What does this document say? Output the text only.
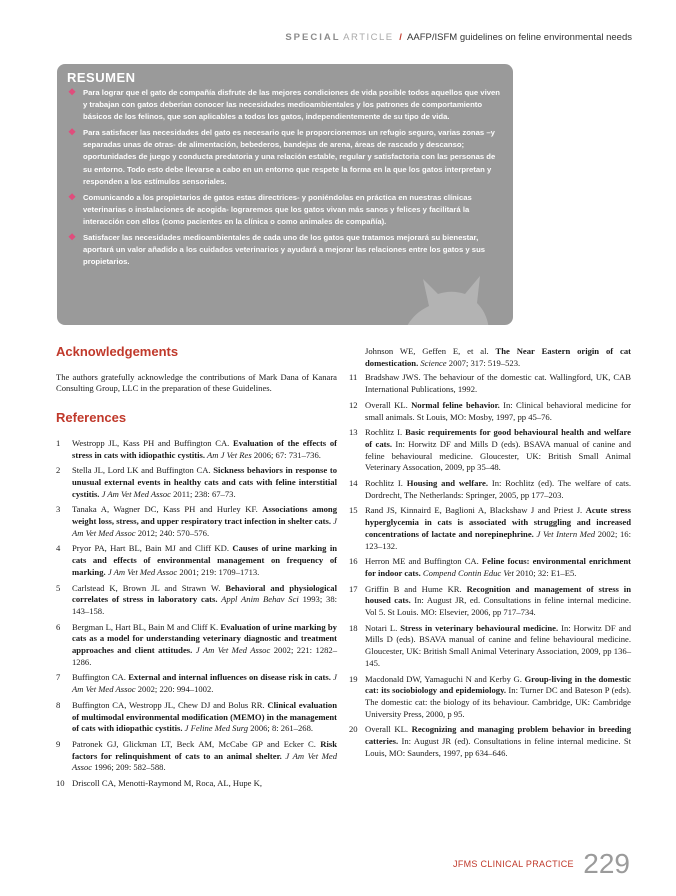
SPECIAL ARTICLE / AAFP/ISFM guidelines on feline environmental needs
RESUMEN
❖ Para lograr que el gato de compañía disfrute de las mejores condiciones de vida posible todos aquellos que viven y trabajan con gatos deberían conocer las necesidades medioambientales y los patrones de comportamiento básicos de los felinos, que son aplicables a todos los gatos, independientemente de su tipo de vida.
❖ Para satisfacer las necesidades del gato es necesario que le proporcionemos un refugio seguro, varias zonas –y separadas unas de otras- de alimentación, bebederos, bandejas de arena, áreas de rascado y descanso; oportunidades de juego y conducta predatoria y una relación estable, regular y satisfactoria con las personas de su entorno. Todo esto debe llevarse a cabo en un entorno que respete la forma en la que los gatos interpretan y responden a los estímulos sensoriales.
❖ Comunicando a los propietarios de gatos estas directrices- y poniéndolas en práctica en nuestras clínicas veterinarias o instalaciones de acogida- lograremos que los gatos vivan más sanos y felices y facilitará la interacción con ellos (como pacientes en la clínica o como animales de compañía).
❖ Satisfacer las necesidades medioambientales de cada uno de los gatos que tratamos mejorará su bienestar, aportará un valor añadido a los cuidados veterinarios y ayudará a mejorar las relaciones entre los gatos y sus propietarios.
Acknowledgements

The authors gratefully acknowledge the contributions of Mark Dana of Kanara Consulting Group, LLC in the preparation of these Guidelines.

References
1 Westropp JL, Kass PH and Buffington CA. Evaluation of the effects of stress in cats with idiopathic cystitis. Am J Vet Res 2006; 67: 731–736.
2 Stella JL, Lord LK and Buffington CA. Sickness behaviors in response to unusual external events in healthy cats and cats with feline interstitial cystitis. J Am Vet Med Assoc 2011; 238: 67–73.
3 Tanaka A, Wagner DC, Kass PH and Hurley KF. Associations among weight loss, stress, and upper respiratory tract infection in shelter cats. J Am Vet Med Assoc 2012; 240: 570–576.
4 Pryor PA, Hart BL, Bain MJ and Cliff KD. Causes of urine marking in cats and effects of environmental management on frequency of marking. J Am Vet Med Assoc 2001; 219: 1709–1713.
5 Carlstead K, Brown JL and Strawn W. Behavioral and physiological correlates of stress in laboratory cats. Appl Anim Behav Sci 1993; 38: 143–158.
6 Bergman L, Hart BL, Bain M and Cliff K. Evaluation of urine marking by cats as a model for understanding veterinary diagnostic and treatment approaches and client attitudes. J Am Vet Med Assoc 2002; 221: 1282–1286.
7 Buffington CA. External and internal influences on disease risk in cats. J Am Vet Med Assoc 2002; 220: 994–1002.
8 Buffington CA, Westropp JL, Chew DJ and Bolus RR. Clinical evaluation of multimodal environmental modification (MEMO) in the management of cats with idiopathic cystitis. J Feline Med Surg 2006; 8: 261–268.
9 Patronek GJ, Glickman LT, Beck AM, McCabe GP and Ecker C. Risk factors for relinquishment of cats to an animal shelter. J Am Vet Med Assoc 1996; 209: 582–588.
10 Driscoll CA, Menotti-Raymond M, Roca, AL, Hupe K,
Johnson WE, Geffen E, et al. The Near Eastern origin of cat domestication. Science 2007; 317: 519–523.
11 Bradshaw JWS. The behaviour of the domestic cat. Wallingford, UK, CAB International Publications, 1992.
12 Overall KL. Normal feline behavior. In: Clinical behavioral medicine for small animals. St Louis, MO: Mosby, 1997, pp 45–76.
13 Rochlitz I. Basic requirements for good behavioural health and welfare of cats. In: Horwitz DF and Mills D (eds). BSAVA manual of canine and feline behavioural medicine. Gloucester, UK: British Small Animal Veterinary Assocation, 2009, pp 35–48.
14 Rochlitz I. Housing and welfare. In: Rochlitz (ed). The welfare of cats. Dordrecht, The Netherlands: Springer, 2005, pp 177–203.
15 Rand JS, Kinnaird E, Baglioni A, Blackshaw J and Priest J. Acute stress hyperglycemia in cats is associated with struggling and increased concentrations of lactate and norepinephrine. J Vet Intern Med 2002; 16: 123–132.
16 Herron ME and Buffington CA. Feline focus: environmental enrichment for indoor cats. Compend Contin Educ Vet 2010; 32: E1–E5.
17 Griffin B and Hume KR. Recognition and management of stress in housed cats. In: August JR, ed. Consultations in feline internal medicine. Vol 5. St Louis. MO: Elsevier, 2006, pp 717–734.
18 Notari L. Stress in veterinary behavioural medicine. In: Horwitz DF and Mills D (eds). BSAVA manual of canine and feline behavioural medicine. Gloucester, UK: British Small Animal Veterinary Association, 2009, pp 136–145.
19 Macdonald DW, Yamaguchi N and Kerby G. Group-living in the domestic cat: its sociobiology and epidemiology. In: Turner DC and Bateson P (eds). The domestic cat: the biology of its behaviour. Cambridge, UK: Cambridge University Press, 2000, p 95.
20 Overall KL. Recognizing and managing problem behavior in breeding catteries. In: August JR (ed). Consultations in feline internal medicine. St Louis, MO: Saunders, 1997, pp 634–646.
$^{JFMS CLINICAL PRACTICE}$ 229
